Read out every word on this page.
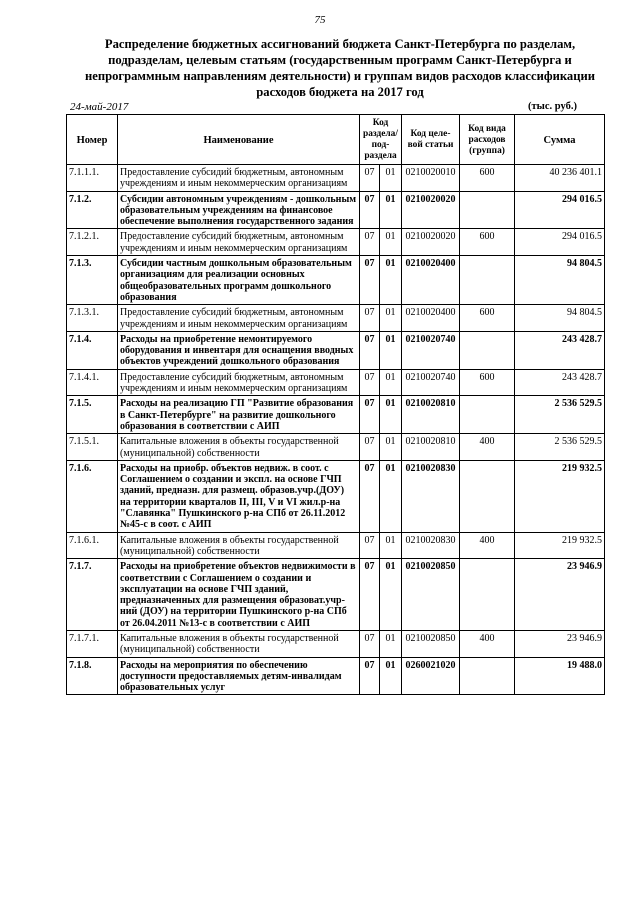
75
Распределение бюджетных ассигнований бюджета Санкт-Петербурга по разделам,
подразделам, целевым статьям (государственным программ Санкт-Петербурга и
непрограммным направлениям деятельности) и группам видов расходов классификации
расходов бюджета на 2017 год
24-май-2017	(тыс. руб.)
Номер	Наименование	Код раздела/ под-раздела		Код целе-вой статьи	Код вида расходов (группа)	Сумма
7.1.1.1.	Предоставление субсидий бюджетным, автономным учреждениям и иным некоммерческим организациям	07	01	0210020010	600	40 236 401.1
7.1.2.	Субсидии автономным учреждениям - дошкольным образовательным учреждениям на финансовое обеспечение выполнения государственного задания	07	01	0210020020		294 016.5
7.1.2.1.	Предоставление субсидий бюджетным, автономным учреждениям и иным некоммерческим организациям	07	01	0210020020	600	294 016.5
7.1.3.	Субсидии частным дошкольным образовательным организациям для реализации основных общеобразовательных программ дошкольного образования	07	01	0210020400		94 804.5
7.1.3.1.	Предоставление субсидий бюджетным, автономным учреждениям и иным некоммерческим организациям	07	01	0210020400	600	94 804.5
7.1.4.	Расходы на приобретение немонтируемого оборудования и инвентаря для оснащения вводных объектов учреждений дошкольного образования	07	01	0210020740		243 428.7
7.1.4.1.	Предоставление субсидий бюджетным, автономным учреждениям и иным некоммерческим организациям	07	01	0210020740	600	243 428.7
7.1.5.	Расходы на реализацию ГП "Развитие образования в Санкт-Петербурге" на развитие дошкольного образования в соответствии с АИП	07	01	0210020810		2 536 529.5
7.1.5.1.	Капитальные вложения в объекты государственной (муниципальной) собственности	07	01	0210020810	400	2 536 529.5
7.1.6.	Расходы на приобр. объектов недвиж. в соот. с Соглашением о создании и экспл. на основе ГЧП зданий, предназн. для размещ. образов.учр.(ДОУ) на территории кварталов II, III, V и VI жил.р-на "Славянка" Пушкинского р-на СПб от 26.11.2012 №45-с в соот. с АИП	07	01	0210020830		219 932.5
7.1.6.1.	Капитальные вложения в объекты государственной (муниципальной) собственности	07	01	0210020830	400	219 932.5
7.1.7.	Расходы на приобретение объектов недвижимости в соответствии с Соглашением о создании и эксплуатации на основе ГЧП зданий, предназначенных для размещения образоват.учр-ний (ДОУ) на территории Пушкинского р-на СПб от 26.04.2011 №13-с в соответствии с АИП	07	01	0210020850		23 946.9
7.1.7.1.	Капитальные вложения в объекты государственной (муниципальной) собственности	07	01	0210020850	400	23 946.9
7.1.8.	Расходы на мероприятия по обеспечению доступности предоставляемых детям-инвалидам образовательных услуг	07	01	0260021020		19 488.0
